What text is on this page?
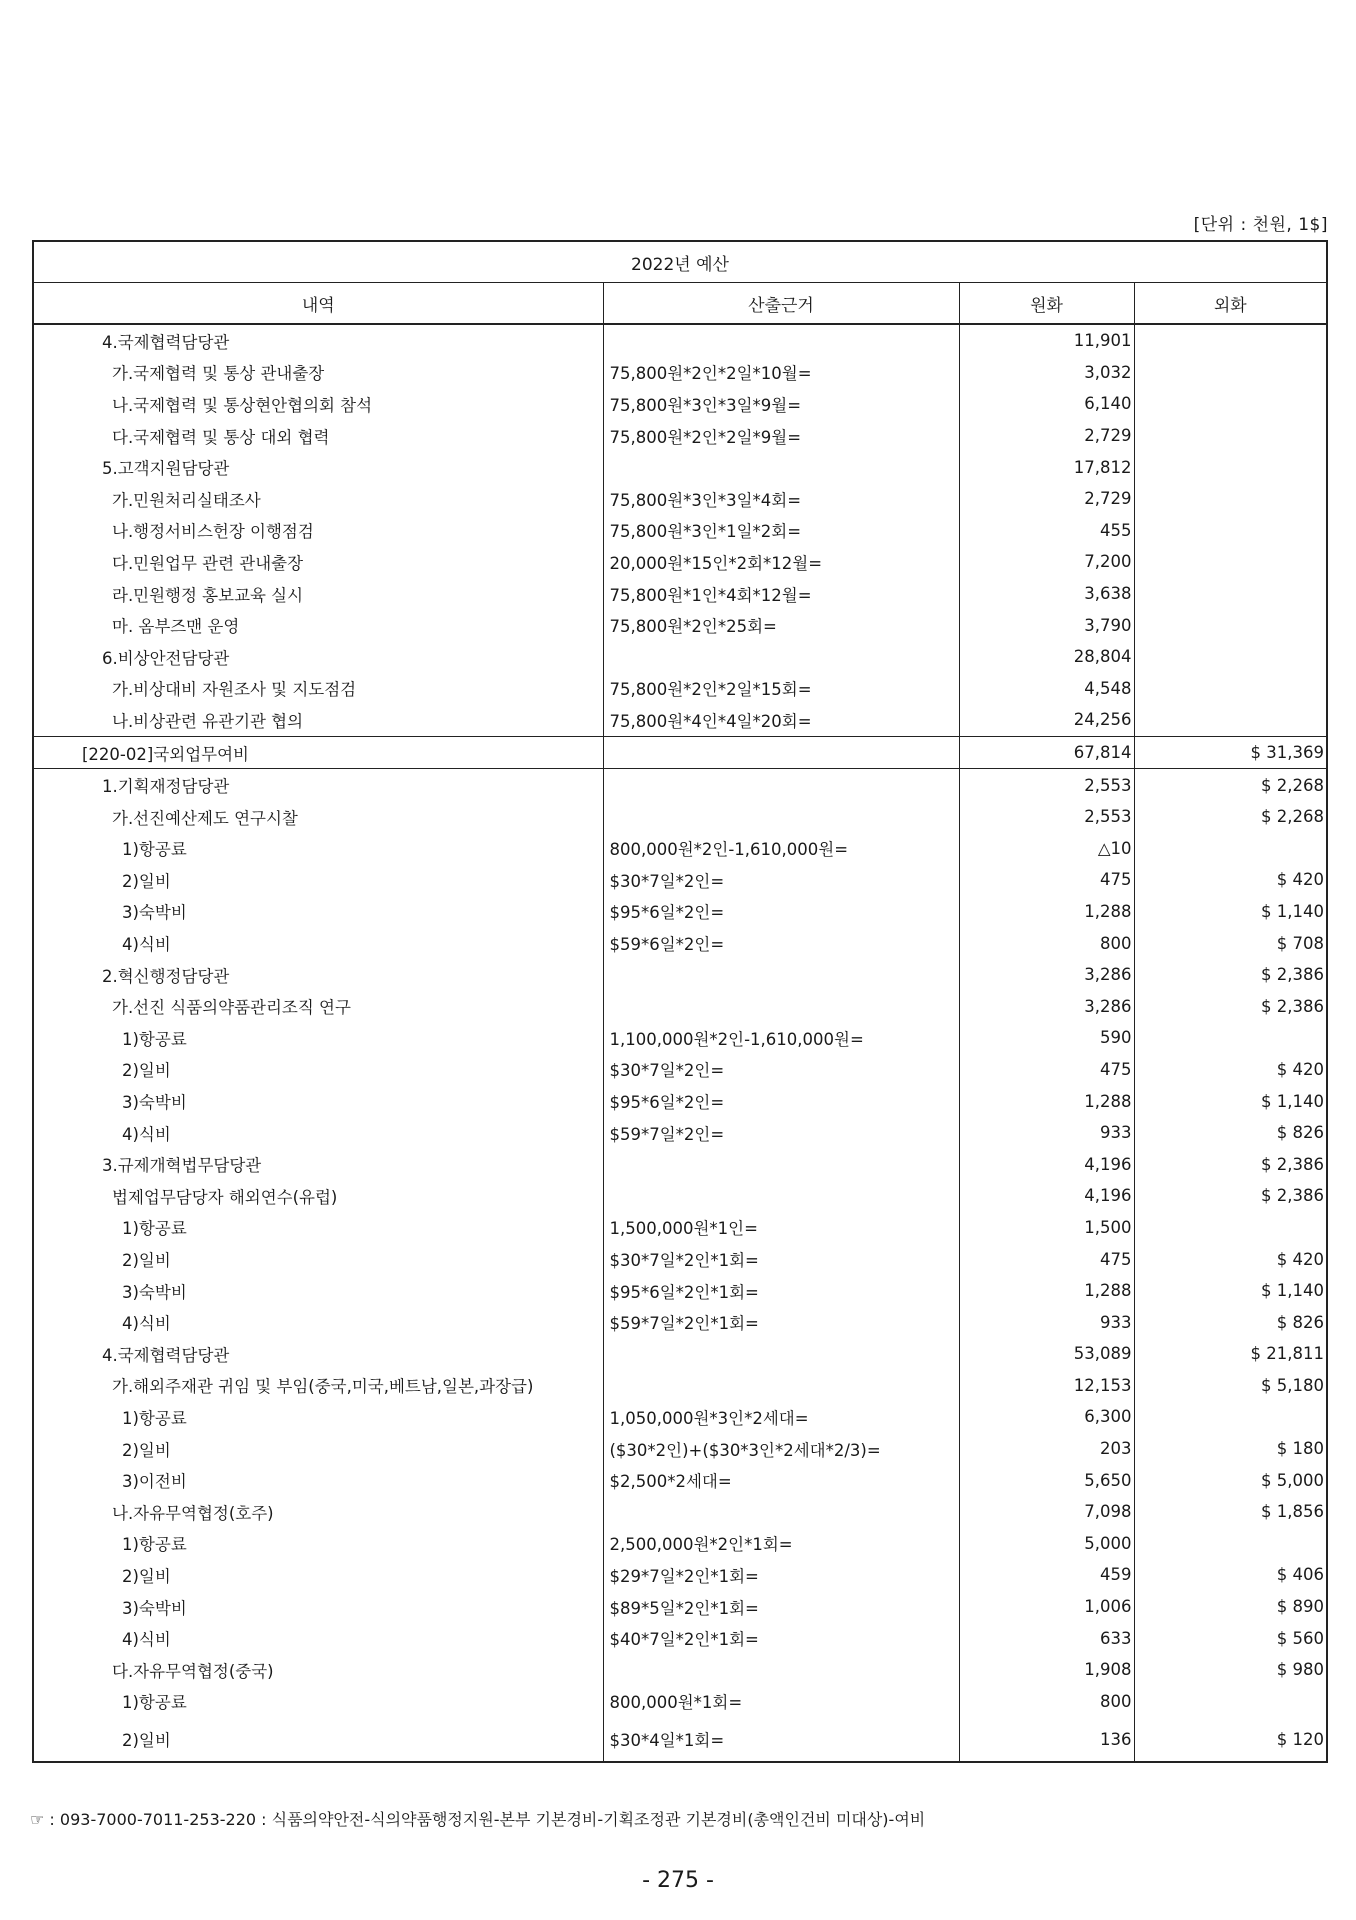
[단위 : 천원, 1$]
2022년 예산			
내역	산출근거	원화	외화
4.국제협력담당관		11,901	
가.국제협력 및 통상 관내출장	75,800원*2인*2일*10월=	3,032	
나.국제협력 및 통상현안협의회 참석	75,800원*3인*3일*9월=	6,140	
다.국제협력 및 통상 대외 협력	75,800원*2인*2일*9월=	2,729	
5.고객지원담당관		17,812	
가.민원처리실태조사	75,800원*3인*3일*4회=	2,729	
나.행정서비스헌장 이행점검	75,800원*3인*1일*2회=	455	
다.민원업무 관련 관내출장	20,000원*15인*2회*12월=	7,200	
라.민원행정 홍보교육 실시	75,800원*1인*4회*12월=	3,638	
마. 옴부즈맨 운영	75,800원*2인*25회=	3,790	
6.비상안전담당관		28,804	
가.비상대비 자원조사 및 지도점검	75,800원*2인*2일*15회=	4,548	
나.비상관련 유관기관 협의	75,800원*4인*4일*20회=	24,256	
[220-02]국외업무여비		67,814	$ 31,369
1.기획재정담당관		2,553	$ 2,268
가.선진예산제도 연구시찰		2,553	$ 2,268
1)항공료	800,000원*2인-1,610,000원=	△10	
2)일비	$30*7일*2인=	475	$ 420
3)숙박비	$95*6일*2인=	1,288	$ 1,140
4)식비	$59*6일*2인=	800	$ 708
2.혁신행정담당관		3,286	$ 2,386
가.선진 식품의약품관리조직 연구		3,286	$ 2,386
1)항공료	1,100,000원*2인-1,610,000원=	590	
2)일비	$30*7일*2인=	475	$ 420
3)숙박비	$95*6일*2인=	1,288	$ 1,140
4)식비	$59*7일*2인=	933	$ 826
3.규제개혁법무담당관		4,196	$ 2,386
법제업무담당자 해외연수(유럽)		4,196	$ 2,386
1)항공료	1,500,000원*1인=	1,500	
2)일비	$30*7일*2인*1회=	475	$ 420
3)숙박비	$95*6일*2인*1회=	1,288	$ 1,140
4)식비	$59*7일*2인*1회=	933	$ 826
4.국제협력담당관		53,089	$ 21,811
가.해외주재관 귀임 및 부임(중국,미국,베트남,일본,과장급)		12,153	$ 5,180
1)항공료	1,050,000원*3인*2세대=	6,300	
2)일비	($30*2인)+($30*3인*2세대*2/3)=	203	$ 180
3)이전비	$2,500*2세대=	5,650	$ 5,000
나.자유무역협정(호주)		7,098	$ 1,856
1)항공료	2,500,000원*2인*1회=	5,000	
2)일비	$29*7일*2인*1회=	459	$ 406
3)숙박비	$89*5일*2인*1회=	1,006	$ 890
4)식비	$40*7일*2인*1회=	633	$ 560
다.자유무역협정(중국)		1,908	$ 980
1)항공료	800,000원*1회=	800	
2)일비	$30*4일*1회=	136	$ 120
☞ : 093-7000-7011-253-220 : 식품의약안전-식의약품행정지원-본부 기본경비-기획조정관 기본경비(총액인건비 미대상)-여비
- 275 -
